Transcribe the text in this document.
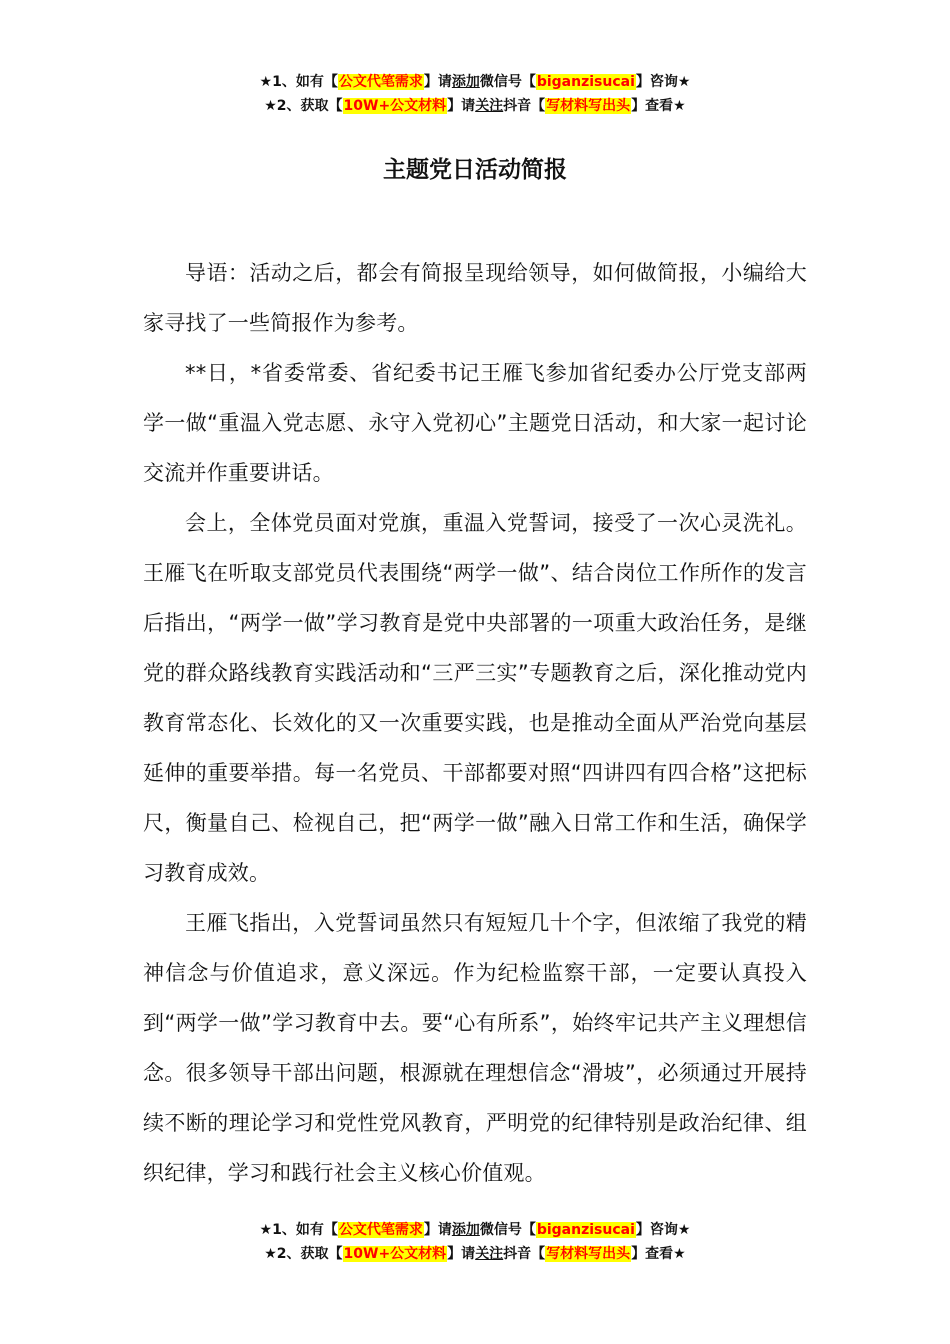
★1、如有【公文代笔需求】请添加微信号【biganzisucai】咨询★
★2、获取【10W+公文材料】请关注抖音【写材料写出头】查看★
主题党日活动简报

导语：活动之后，都会有简报呈现给领导，如何做简报，小编给大家寻找了一些简报作为参考。

**日，*省委常委、省纪委书记王雁飞参加省纪委办公厅党支部两学一做“重温入党志愿、永守入党初心”主题党日活动，和大家一起讨论交流并作重要讲话。

会上，全体党员面对党旗，重温入党誓词，接受了一次心灵洗礼。王雁飞在听取支部党员代表围绕“两学一做”、结合岗位工作所作的发言后指出，“两学一做”学习教育是党中央部署的一项重大政治任务，是继党的群众路线教育实践活动和“三严三实”专题教育之后，深化推动党内教育常态化、长效化的又一次重要实践，也是推动全面从严治党向基层延伸的重要举措。每一名党员、干部都要对照“四讲四有四合格”这把标尺，衡量自己、检视自己，把“两学一做”融入日常工作和生活，确保学习教育成效。

王雁飞指出，入党誓词虽然只有短短几十个字，但浓缩了我党的精神信念与价值追求，意义深远。作为纪检监察干部，一定要认真投入到“两学一做”学习教育中去。要“心有所系”，始终牢记共产主义理想信念。很多领导干部出问题，根源就在理想信念“滑坡”，必须通过开展持续不断的理论学习和党性党风教育，严明党的纪律特别是政治纪律、组织纪律，学习和践行社会主义核心价值观。

★1、如有【公文代笔需求】请添加微信号【biganzisucai】咨询★
★2、获取【10W+公文材料】请关注抖音【写材料写出头】查看★
